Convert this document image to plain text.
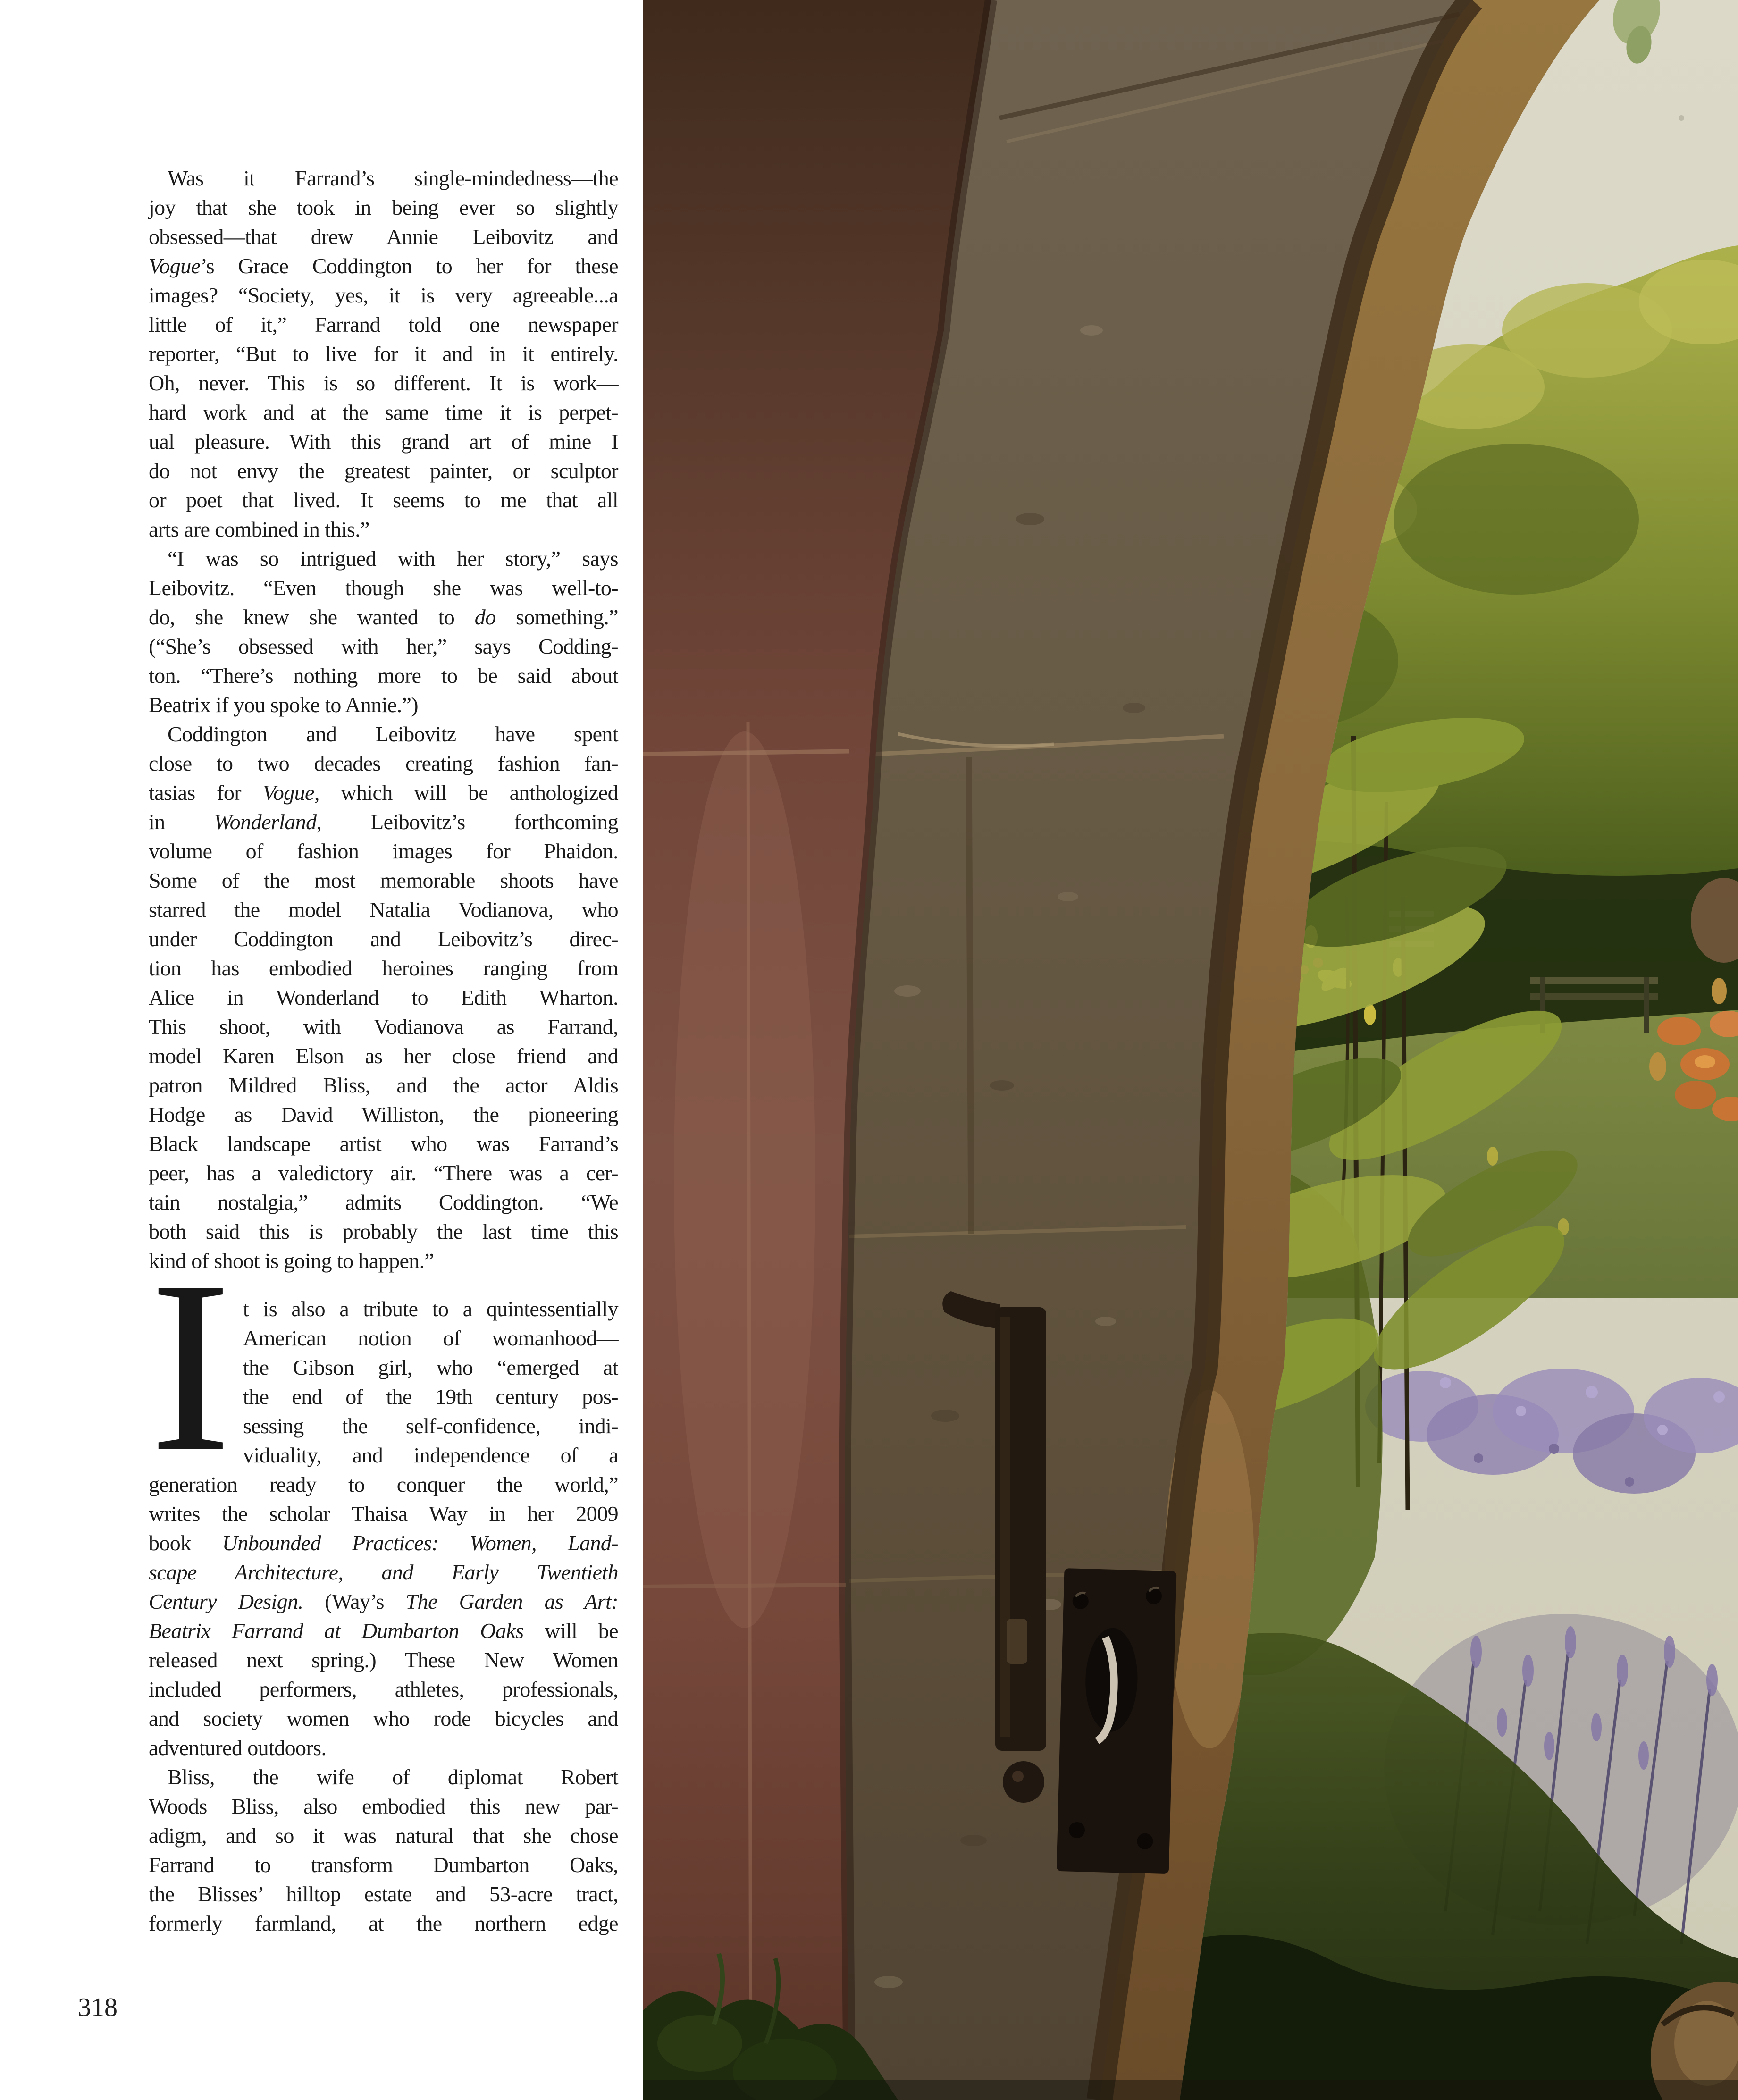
Was it Farrand’s single-mindedness—the
joy that she took in being ever so slightly
obsessed—that drew Annie Leibovitz and
Vogue’s Grace Coddington to her for these
images? “Society, yes, it is very agreeable...a
little of it,” Farrand told one newspaper
reporter, “But to live for it and in it entirely.
Oh, never. This is so different. It is work—
hard work and at the same time it is perpet-
ual pleasure. With this grand art of mine I
do not envy the greatest painter, or sculptor
or poet that lived. It seems to me that all
arts are combined in this.”
“I was so intrigued with her story,” says
Leibovitz. “Even though she was well-to-
do, she knew she wanted to do something.”
(“She’s obsessed with her,” says Codding-
ton. “There’s nothing more to be said about
Beatrix if you spoke to Annie.”)
Coddington and Leibovitz have spent
close to two decades creating fashion fan-
tasias for Vogue, which will be anthologized
in Wonderland, Leibovitz’s forthcoming
volume of fashion images for Phaidon.
Some of the most memorable shoots have
starred the model Natalia Vodianova, who
under Coddington and Leibovitz’s direc-
tion has embodied heroines ranging from
Alice in Wonderland to Edith Wharton.
This shoot, with Vodianova as Farrand,
model Karen Elson as her close friend and
patron Mildred Bliss, and the actor Aldis
Hodge as David Williston, the pioneering
Black landscape artist who was Farrand’s
peer, has a valedictory air. “There was a cer-
tain nostalgia,” admits Coddington. “We
both said this is probably the last time this
kind of shoot is going to happen.”
I t is also a tribute to a quintessentially
American notion of womanhood—
the Gibson girl, who “emerged at
the end of the 19th century pos-
sessing the self-confidence, indi-
viduality, and independence of a
generation ready to conquer the world,”
writes the scholar Thaisa Way in her 2009
book Unbounded Practices: Women, Land-
scape Architecture, and Early Twentieth
Century Design. (Way’s The Garden as Art:
Beatrix Farrand at Dumbarton Oaks will be
released next spring.) These New Women
included performers, athletes, professionals,
and society women who rode bicycles and
adventured outdoors.
Bliss, the wife of diplomat Robert
Woods Bliss, also embodied this new par-
adigm, and so it was natural that she chose
Farrand to transform Dumbarton Oaks,
the Blisses’ hilltop estate and 53-acre tract,
formerly farmland, at the northern edge
318
